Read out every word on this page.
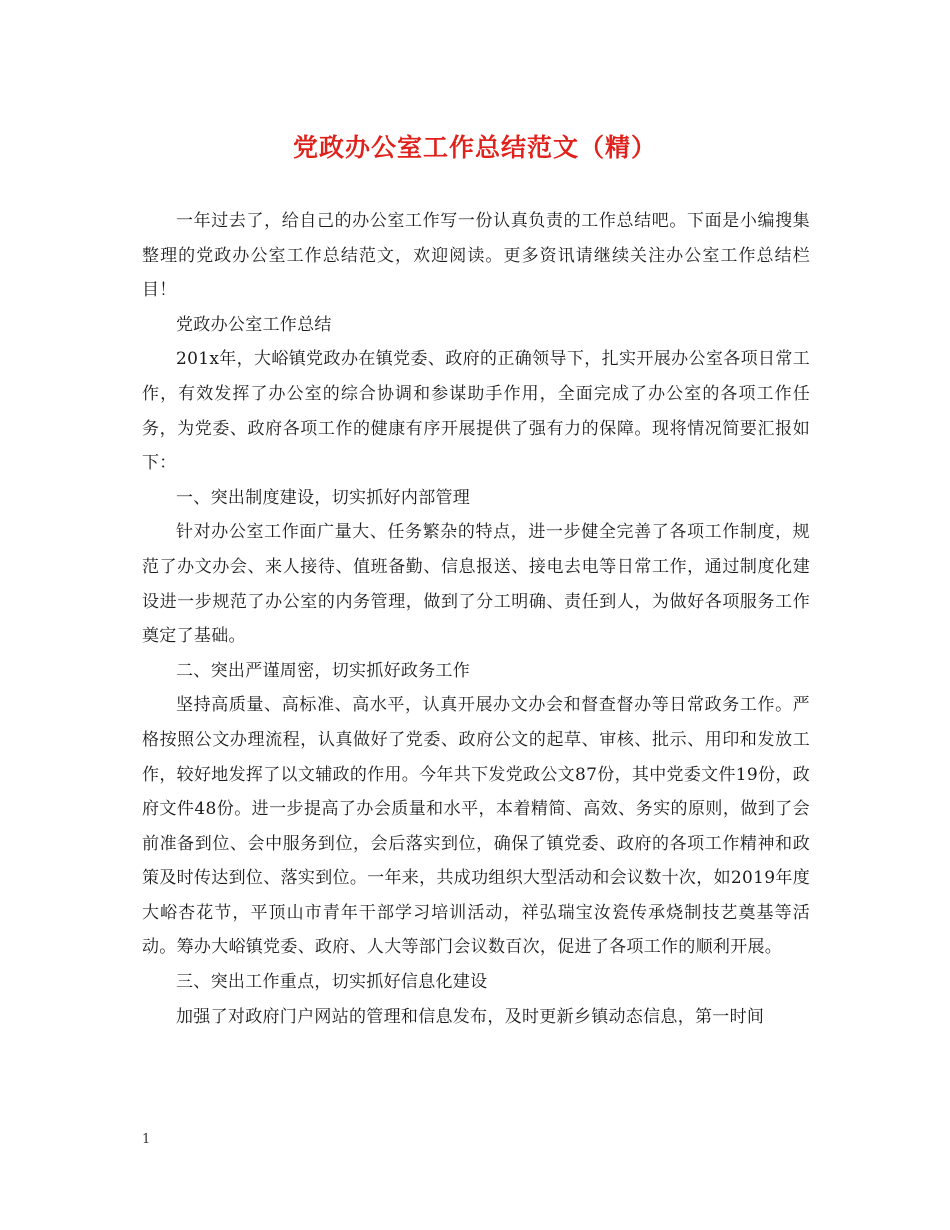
党政办公室工作总结范文（精）

一年过去了，给自己的办公室工作写一份认真负责的工作总结吧。下面是小编搜集整理的党政办公室工作总结范文，欢迎阅读。更多资讯请继续关注办公室工作总结栏目！

党政办公室工作总结

201x年，大峪镇党政办在镇党委、政府的正确领导下，扎实开展办公室各项日常工作，有效发挥了办公室的综合协调和参谋助手作用，全面完成了办公室的各项工作任务，为党委、政府各项工作的健康有序开展提供了强有力的保障。现将情况简要汇报如下：

一、突出制度建设，切实抓好内部管理

针对办公室工作面广量大、任务繁杂的特点，进一步健全完善了各项工作制度，规范了办文办会、来人接待、值班备勤、信息报送、接电去电等日常工作，通过制度化建设进一步规范了办公室的内务管理，做到了分工明确、责任到人，为做好各项服务工作奠定了基础。

二、突出严谨周密，切实抓好政务工作

坚持高质量、高标准、高水平，认真开展办文办会和督查督办等日常政务工作。严格按照公文办理流程，认真做好了党委、政府公文的起草、审核、批示、用印和发放工作，较好地发挥了以文辅政的作用。今年共下发党政公文87份，其中党委文件19份，政府文件48份。进一步提高了办会质量和水平，本着精简、高效、务实的原则，做到了会前准备到位、会中服务到位，会后落实到位，确保了镇党委、政府的各项工作精神和政策及时传达到位、落实到位。一年来，共成功组织大型活动和会议数十次，如2019年度大峪杏花节，平顶山市青年干部学习培训活动，祥弘瑞宝汝瓷传承烧制技艺奠基等活动。筹办大峪镇党委、政府、人大等部门会议数百次，促进了各项工作的顺利开展。

三、突出工作重点，切实抓好信息化建设

加强了对政府门户网站的管理和信息发布，及时更新乡镇动态信息，第一时间

1
